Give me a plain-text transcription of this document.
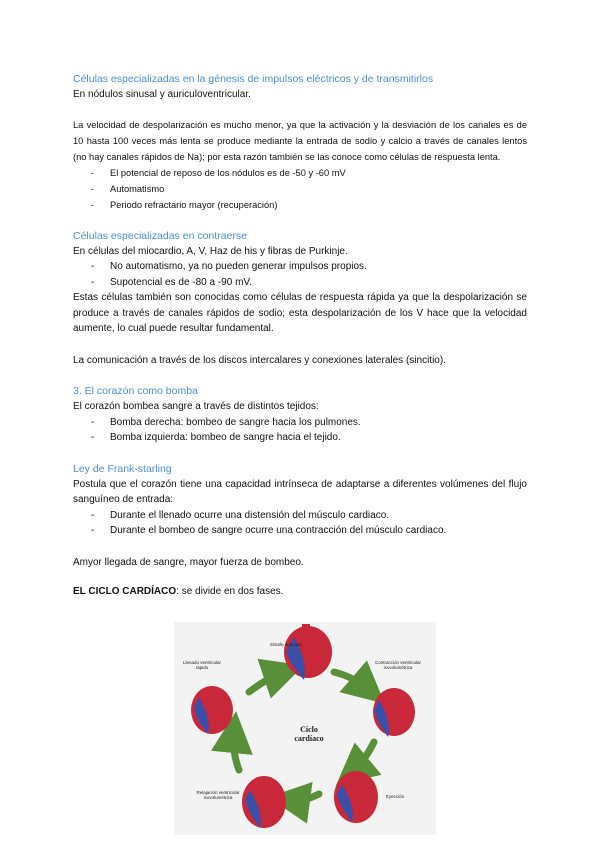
Células especializadas en la génesis de impulsos eléctricos y de transmitirlos
En nódulos sinusal y auriculoventricular.
La velocidad de despolarización es mucho menor, ya que la activación y la desviación de los canales es de 10 hasta 100 veces más lenta se produce mediante la entrada de sodio y calcio a través de canales lentos (no hay canales rápidos de Na); por esta razón también se las conoce como células de respuesta lenta.
- El potencial de reposo de los nódulos es de -50 y -60 mV
- Automatismo
- Periodo refractario mayor (recuperación)
Células especializadas en contraerse
En células del miocardio, A, V, Haz de his y fibras de Purkinje.
- No automatismo, ya no pueden generar impulsos propios.
- Supotencial es de -80 a -90 mV.
Estas células también son conocidas como células de respuesta rápida ya que la despolarización se produce a través de canales rápidos de sodio; esta despolarización de los V hace que la velocidad aumente, lo cual puede resultar fundamental.
La comunicación a través de los discos intercalares y conexiones laterales (sincitio).
3. El corazón como bomba
El corazón bombea sangre a través de distintos tejidos:
- Bomba derecha: bombeo de sangre hacia los pulmones.
- Bomba izquierda: bombeo de sangre hacia el tejido.
Ley de Frank-starling
Postula que el corazón tiene una capacidad intrínseca de adaptarse a diferentes volúmenes del flujo sanguíneo de entrada:
- Durante el llenado ocurre una distensión del músculo cardiaco.
- Durante el bombeo de sangre ocurre una contracción del músculo cardiaco.
Amyor llegada de sangre, mayor fuerza de bombeo.
EL CICLO CARDÍACO: se divide en dos fases.
Ciclo
cardíaco
Sístole auricular
Contracción ventricular isovolumétrica
Llenado ventricular rápido
Relajación ventricular isovolumétrica	Eyección
